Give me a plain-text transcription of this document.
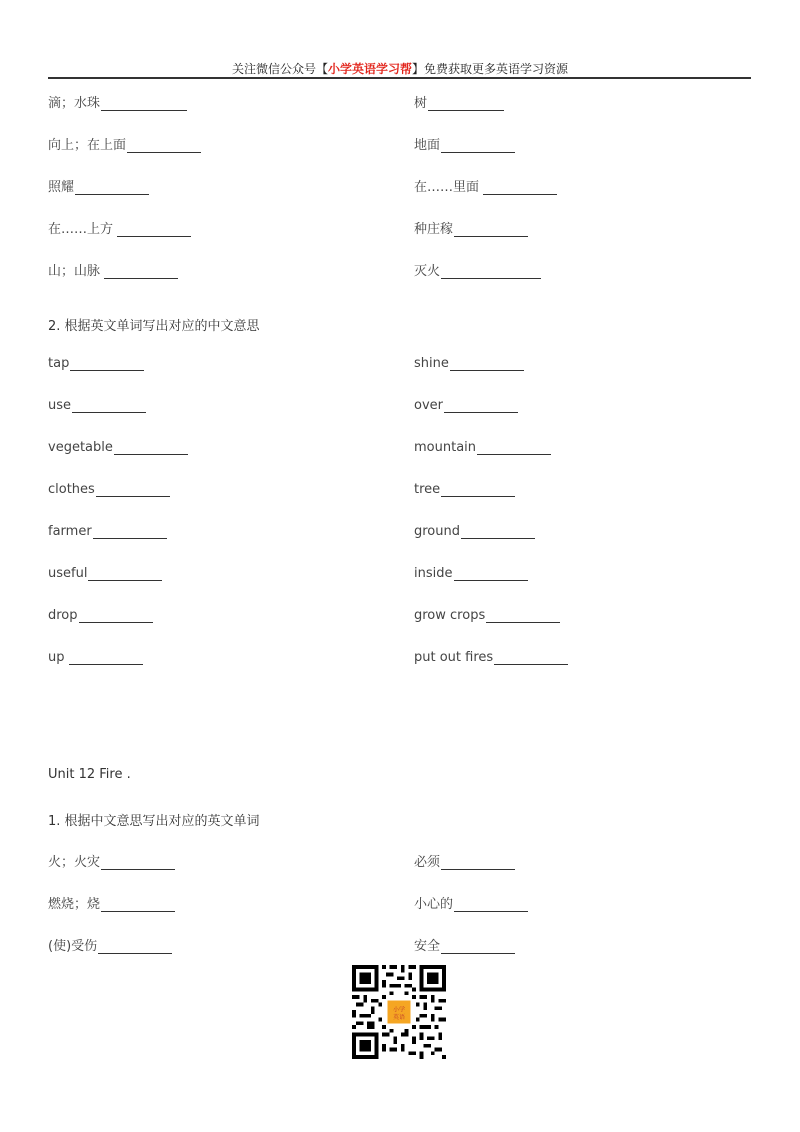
关注微信公众号【小学英语学习帮】免费获取更多英语学习资源
滴；水珠	树
向上；在上面	地面
照耀	在……里面
在……上方	种庄稼
山；山脉	灭火
2. 根据英文单词写出对应的中文意思
tap	shine
use	over
vegetable	mountain
clothes	tree
farmer	ground
useful	inside
drop	grow crops
up	put out fires
Unit 12 Fire .
1. 根据中文意思写出对应的英文单词
火；火灾	必须
燃烧；烧	小心的
(使)受伤	安全
小学
英语
